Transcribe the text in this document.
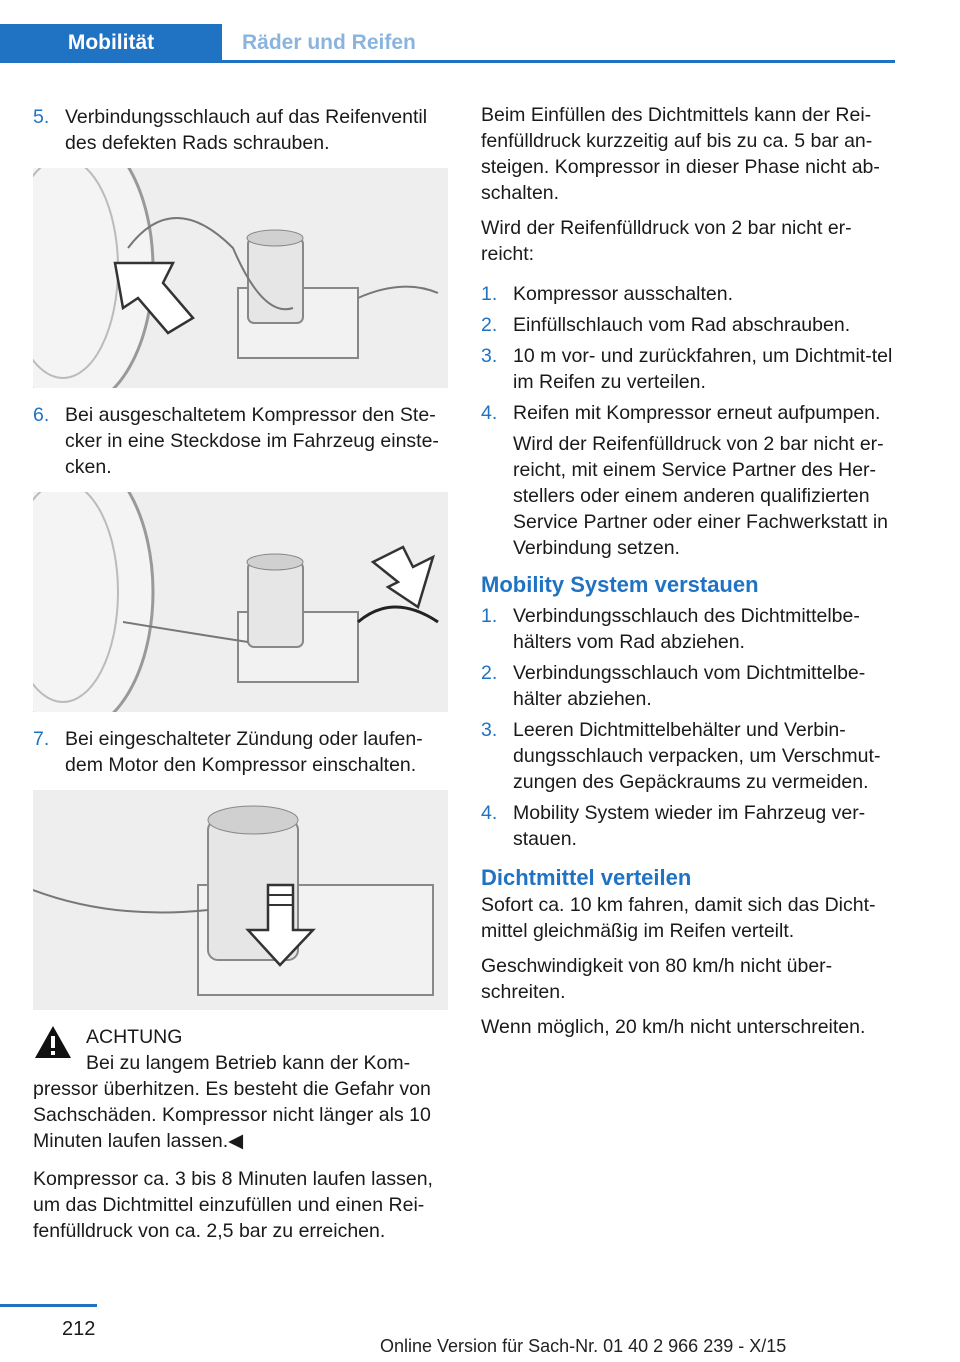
Mobilität	Räder und Reifen
5. Verbindungsschlauch auf das Reifenventil des defekten Rads schrauben.
6. Bei ausgeschaltetem Kompressor den Ste‐cker in eine Steckdose im Fahrzeug einste‐cken.
7. Bei eingeschalteter Zündung oder laufen‐dem Motor den Kompressor einschalten.
ACHTUNG
Bei zu langem Betrieb kann der Kom‐
pressor überhitzen. Es besteht die Gefahr von Sachschäden. Kompressor nicht länger als 10 Minuten laufen lassen.◀
Kompressor ca. 3 bis 8 Minuten laufen lassen, um das Dichtmittel einzufüllen und einen Rei‐fenfülldruck von ca. 2,5 bar zu erreichen.
Beim Einfüllen des Dichtmittels kann der Rei‐fenfülldruck kurzzeitig auf bis zu ca. 5 bar an‐steigen. Kompressor in dieser Phase nicht ab‐schalten.
Wird der Reifenfülldruck von 2 bar nicht er‐reicht:
1. Kompressor ausschalten.
2. Einfüllschlauch vom Rad abschrauben.
3. 10 m vor- und zurückfahren, um Dichtmit‐tel im Reifen zu verteilen.
4. Reifen mit Kompressor erneut aufpumpen.
Wird der Reifenfülldruck von 2 bar nicht er‐reicht, mit einem Service Partner des Her‐stellers oder einem anderen qualifizierten Service Partner oder einer Fachwerkstatt in Verbindung setzen.
Mobility System verstauen
1. Verbindungsschlauch des Dichtmittelbe‐hälters vom Rad abziehen.
2. Verbindungsschlauch vom Dichtmittelbe‐hälter abziehen.
3. Leeren Dichtmittelbehälter und Verbin‐dungsschlauch verpacken, um Verschmut‐zungen des Gepäckraums zu vermeiden.
4. Mobility System wieder im Fahrzeug ver‐stauen.
Dichtmittel verteilen
Sofort ca. 10 km fahren, damit sich das Dicht‐mittel gleichmäßig im Reifen verteilt.
Geschwindigkeit von 80 km/h nicht über‐schreiten.
Wenn möglich, 20 km/h nicht unterschreiten.
212
Online Version für Sach-Nr. 01 40 2 966 239 - X/15
